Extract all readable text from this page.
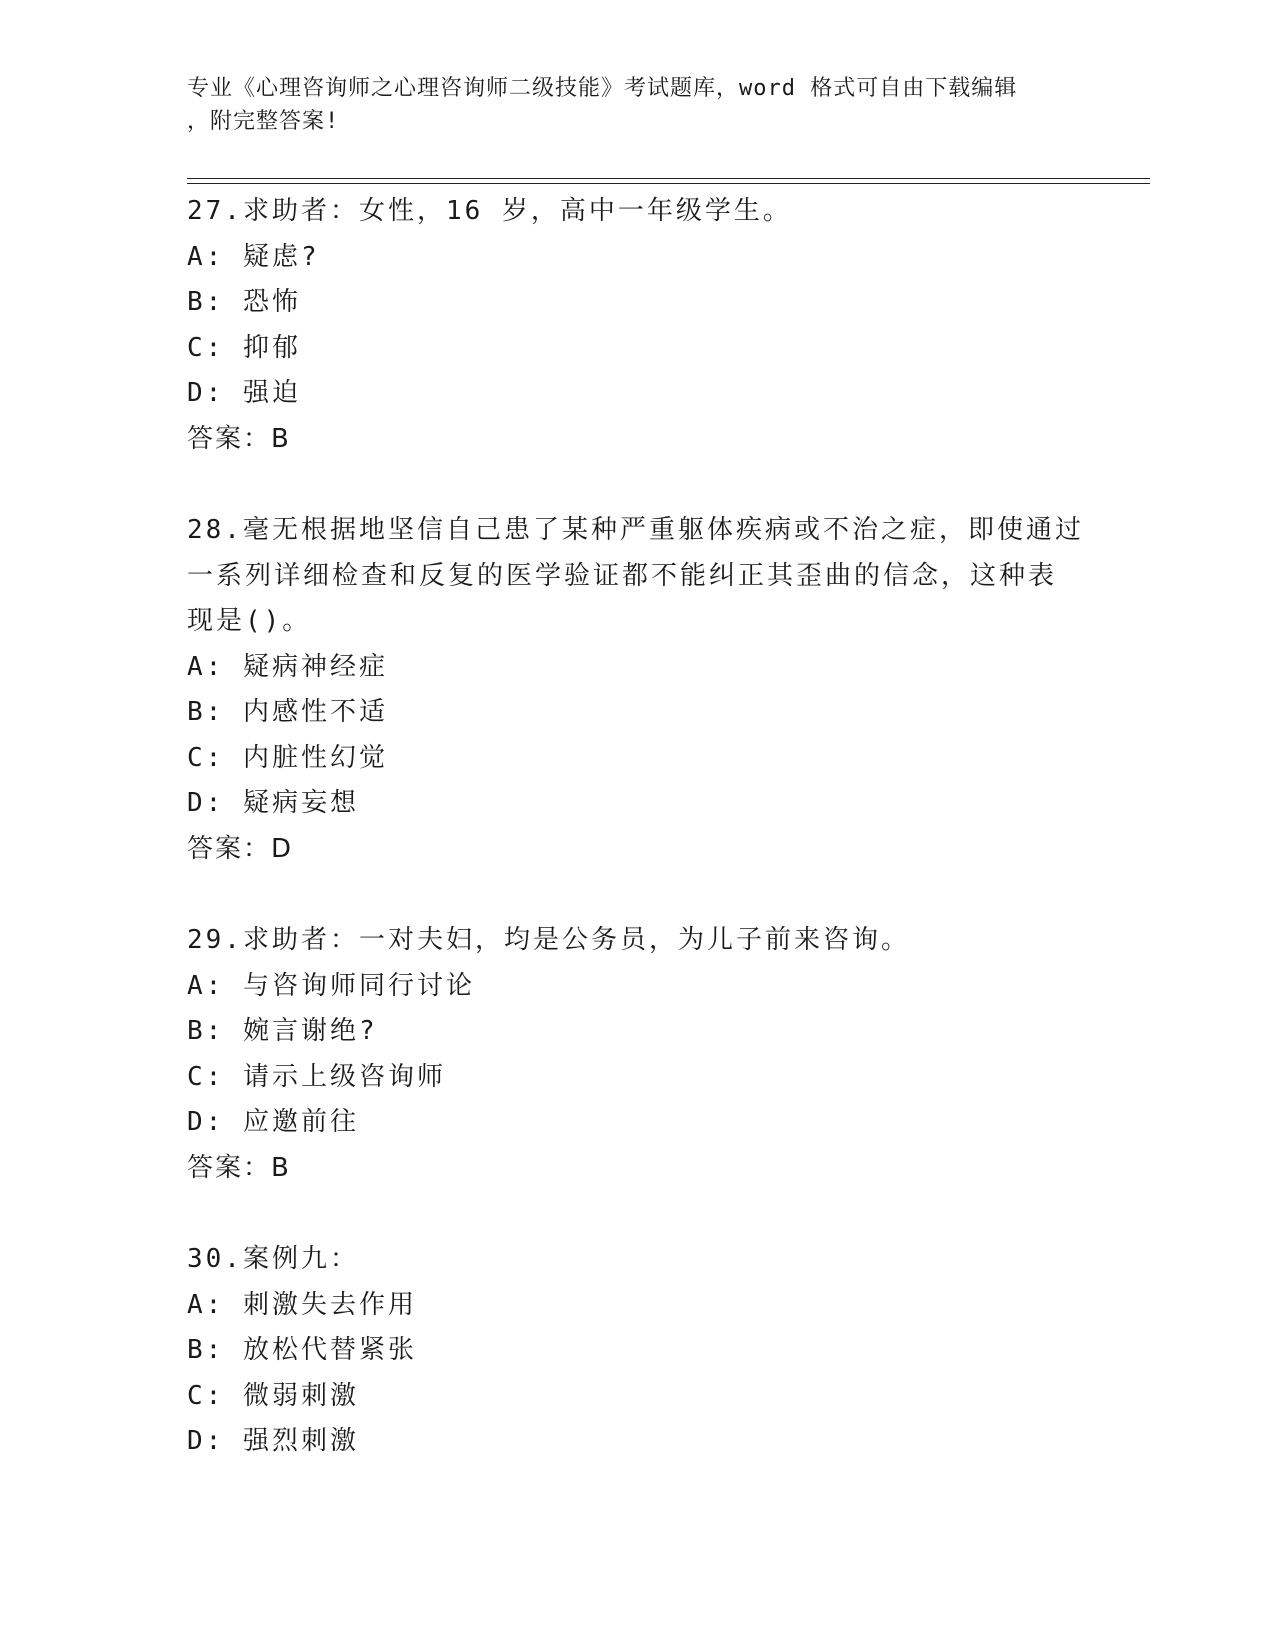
专业《心理咨询师之心理咨询师二级技能》考试题库，word 格式可自由下载编辑
，附完整答案!
27.求助者：女性，16 岁，高中一年级学生。
A: 疑虑?
B: 恐怖
C: 抑郁
D: 强迫
答案：B
28.毫无根据地坚信自己患了某种严重躯体疾病或不治之症，即使通过
一系列详细检查和反复的医学验证都不能纠正其歪曲的信念，这种表
现是()。
A: 疑病神经症
B: 内感性不适
C: 内脏性幻觉
D: 疑病妄想
答案：D
29.求助者：一对夫妇，均是公务员，为儿子前来咨询。
A: 与咨询师同行讨论
B: 婉言谢绝?
C: 请示上级咨询师
D: 应邀前往
答案：B
30.案例九：
A: 刺激失去作用
B: 放松代替紧张
C: 微弱刺激
D: 强烈刺激
